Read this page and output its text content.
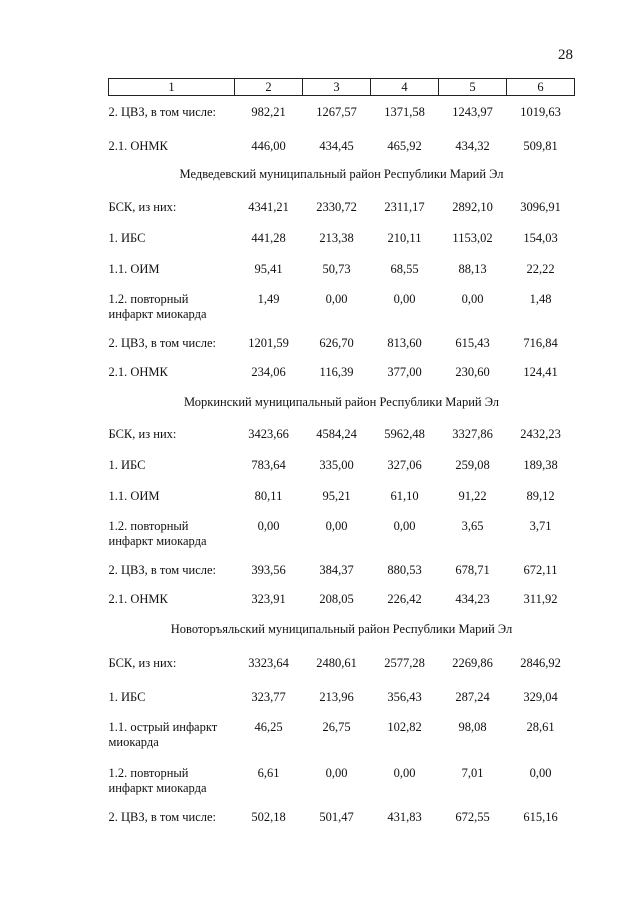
28
1	2	3	4	5	6
2. ЦВЗ, в том числе:	982,21	1267,57	1371,58	1243,97	1019,63
2.1. ОНМК	446,00	434,45	465,92	434,32	509,81
Медведевский муниципальный район Республики Марий Эл					
БСК, из них:	4341,21	2330,72	2311,17	2892,10	3096,91
1. ИБС	441,28	213,38	210,11	1153,02	154,03
1.1. ОИМ	95,41	50,73	68,55	88,13	22,22
1.2. повторный инфаркт миокарда	1,49	0,00	0,00	0,00	1,48
2. ЦВЗ, в том числе:	1201,59	626,70	813,60	615,43	716,84
2.1. ОНМК	234,06	116,39	377,00	230,60	124,41
Моркинский муниципальный район Республики Марий Эл					
БСК, из них:	3423,66	4584,24	5962,48	3327,86	2432,23
1. ИБС	783,64	335,00	327,06	259,08	189,38
1.1. ОИМ	80,11	95,21	61,10	91,22	89,12
1.2. повторный инфаркт миокарда	0,00	0,00	0,00	3,65	3,71
2. ЦВЗ, в том числе:	393,56	384,37	880,53	678,71	672,11
2.1. ОНМК	323,91	208,05	226,42	434,23	311,92
Новоторъяльский муниципальный район Республики Марий Эл					
БСК, из них:	3323,64	2480,61	2577,28	2269,86	2846,92
1. ИБС	323,77	213,96	356,43	287,24	329,04
1.1. острый инфаркт миокарда	46,25	26,75	102,82	98,08	28,61
1.2. повторный инфаркт миокарда	6,61	0,00	0,00	7,01	0,00
2. ЦВЗ, в том числе:	502,18	501,47	431,83	672,55	615,16
